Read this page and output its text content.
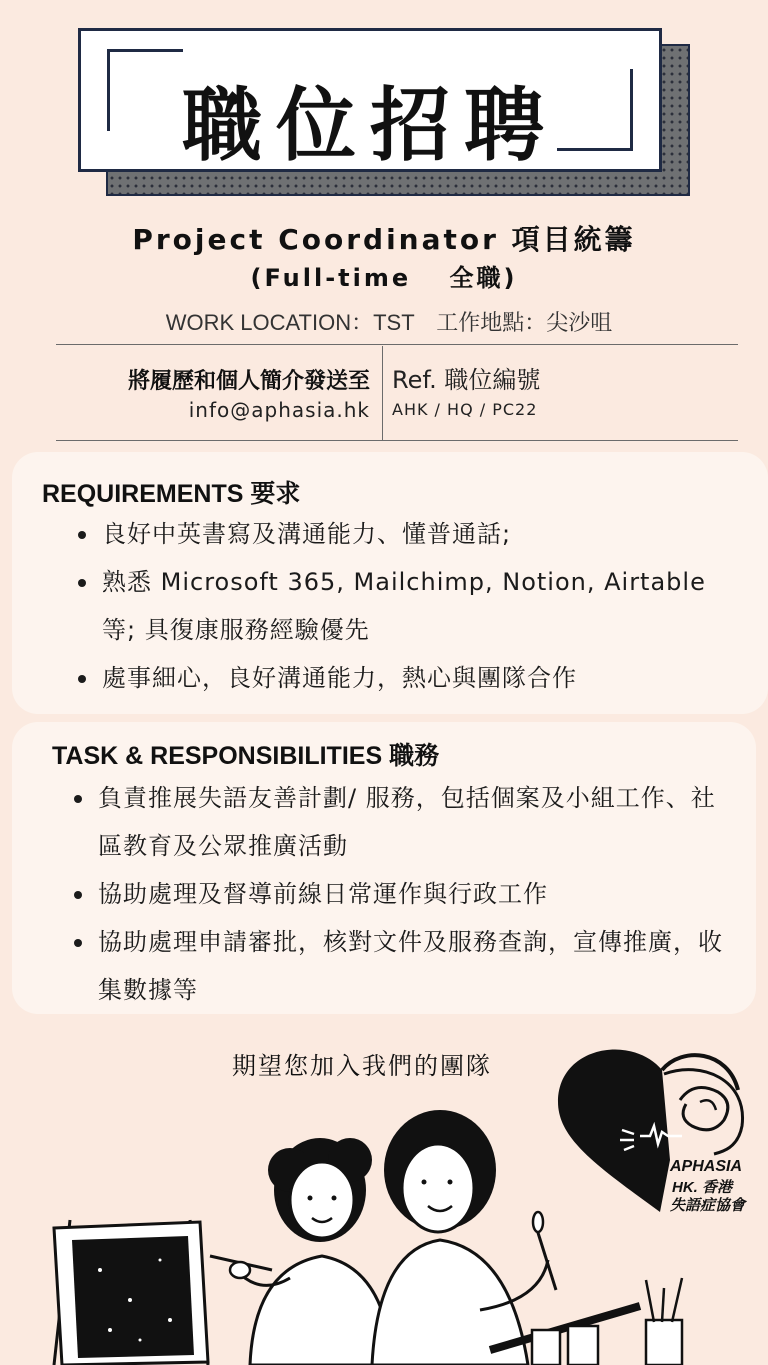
職位招聘
Project Coordinator 項目統籌
(Full-time　 全職)
WORK LOCATION：TST　工作地點：尖沙咀
將履歷和個人簡介發送至
info@aphasia.hk
Ref. 職位編號
AHK / HQ / PC22
REQUIREMENTS 要求
良好中英書寫及溝通能力、懂普通話;
熟悉 Microsoft 365, Mailchimp, Notion, Airtable 等; 具復康服務經驗優先
處事細心，良好溝通能力，熱心與團隊合作
TASK & RESPONSIBILITIES 職務
負責推展失語友善計劃/ 服務，包括個案及小組工作、社區教育及公眾推廣活動
協助處理及督導前線日常運作與行政工作
協助處理申請審批，核對文件及服務查詢，宣傳推廣，收集數據等
期望您加入我們的團隊
APHASIA
HK. 香港
失語症協會
